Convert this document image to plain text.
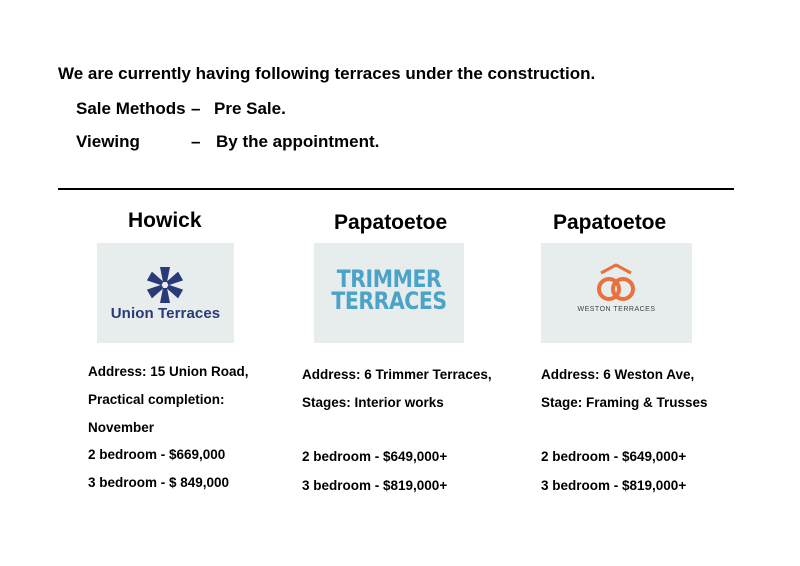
We are currently having following terraces under the construction.
Sale Methods – Pre Sale.
Viewing	– By the appointment.
Howick
Union Terraces
Address: 15 Union Road,
Practical completion:
November
2 bedroom - $669,000
3 bedroom - $ 849,000
Papatoetoe
TRIMMER
TERRACES
Address: 6 Trimmer Terraces,
Stages: Interior works
2 bedroom - $649,000+
3 bedroom - $819,000+
Papatoetoe
WESTON TERRACES
Address: 6 Weston Ave,
Stage: Framing & Trusses
2 bedroom - $649,000+
3 bedroom - $819,000+
